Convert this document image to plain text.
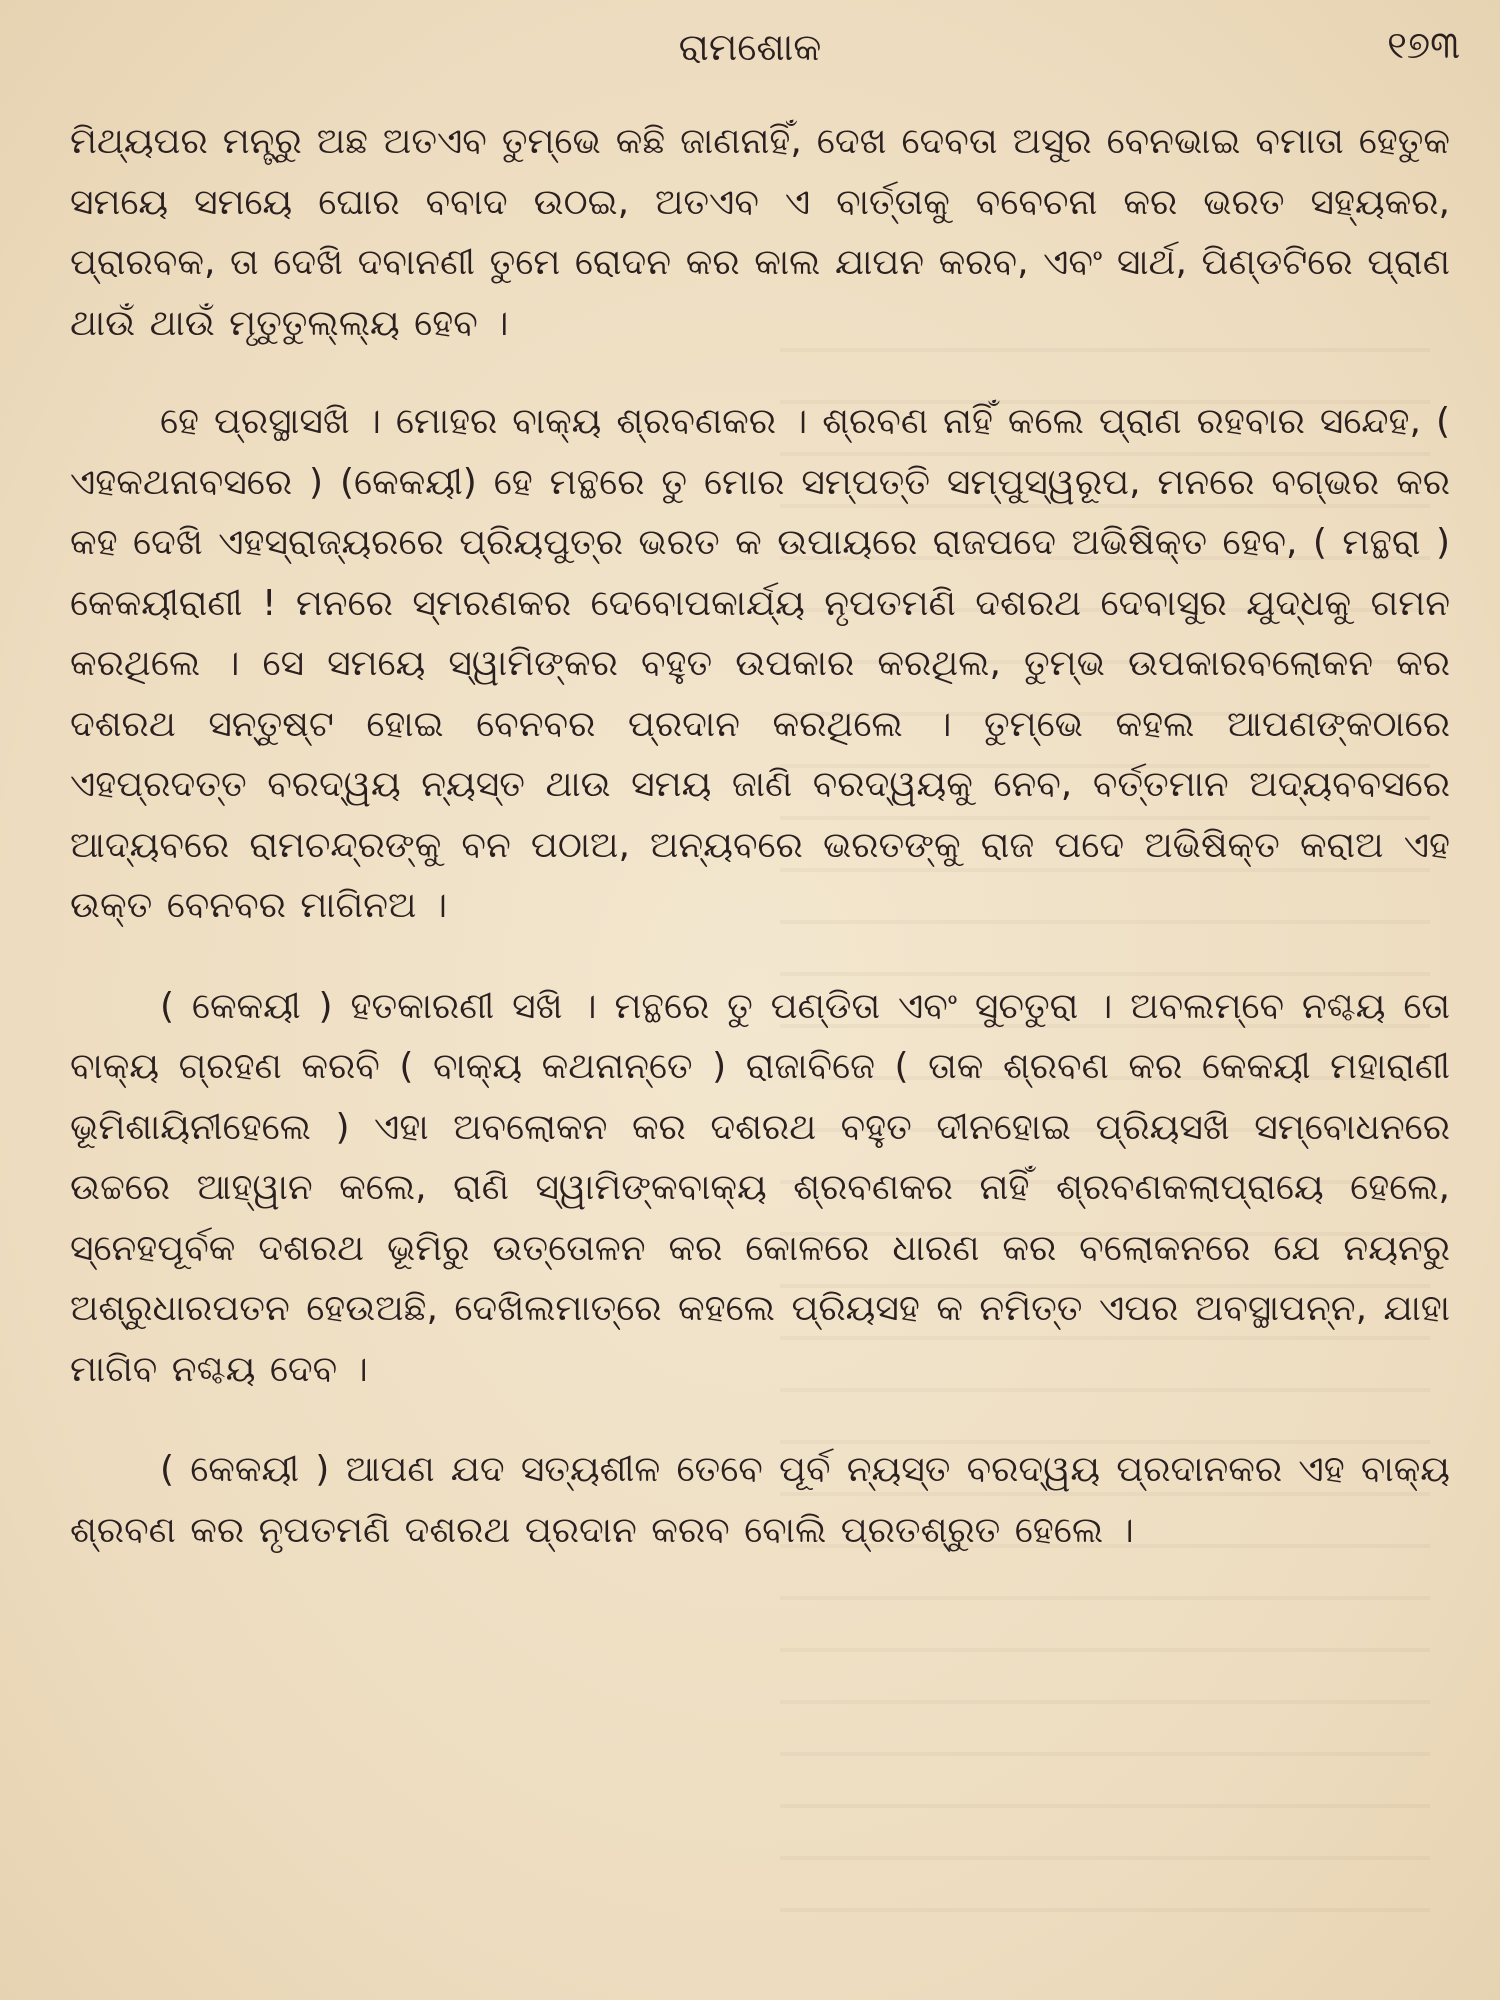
ରାମଶୋକ	୧୭୩

ମିଥ୍ୟପର ମନ୍ତ୍ରୁ ଅଛ ଅତଏବ ତୁମ୍ଭେ କଛି ଜାଣନାହିଁ, ଦେଖ ଦେବତା ଅସୁର ବେନଭାଇ ବମାତା ହେତୁକ ସମୟେ ସମୟେ ଘୋର ବବାଦ ଉଠଇ, ଅତଏବ ଏ ବାର୍ତ୍ତାକୁ ବବେଚନା କର ଭରତ ସହ୍ୟକର, ପ୍ରାରବକ, ତା ଦେଖି ଦବାନଣୀ ତୁମେ ରୋଦନ କର କାଲ ଯାପନ କରବ, ଏବଂ ସାର୍ଥ, ପିଣ୍ଡଟିରେ ପ୍ରାଣ ଥାଉଁ ଥାଉଁ ମୃତୁତୁଲ୍ଲ୍ୟ ହେବ ।

ହେ ପ୍ରସ୍ଥାସଖି । ମୋହର ବାକ୍ୟ ଶ୍ରବଣକର । ଶ୍ରବଣ ନାହିଁ କଲେ ପ୍ରାଣ ରହବାର ସନ୍ଦେହ, ( ଏହକଥନାବସରେ ) (କେକୟୀ) ହେ ମନ୍ଥରେ ତୁ ମୋର ସମ୍ପତ୍ତି ସମ୍ପୁସ୍ୱରୂପ, ମନରେ ବଗ୍ଭର କର କହ ଦେଖି ଏହସ୍ରାଜ୍ୟରରେ ପ୍ରିୟପୁତ୍ର ଭରତ କ ଉପାୟରେ ରାଜପଦେ ଅଭିଷିକ୍ତ ହେବ, ( ମନ୍ଥରା ) କେକୟୀରାଣୀ ! ମନରେ ସ୍ମରଣକର ଦେବୋପକାର୍ଯ୍ୟ ନୃପତମଣି ଦଶରଥ ଦେବାସୁର ଯୁଦ୍ଧକୁ ଗମନ କରଥିଲେ । ସେ ସମୟେ ସ୍ୱାମିଙ୍କର ବହୁତ ଉପକାର କରଥିଲ, ତୁମ୍ଭ ଉପକାରବଲୋକନ କର ଦଶରଥ ସନ୍ତୁଷ୍ଟ ହୋଇ ବେନବର ପ୍ରଦାନ କରଥିଲେ । ତୁମ୍ଭେ କହଲ ଆପଣଙ୍କଠାରେ ଏହପ୍ରଦତ୍ତ ବରଦ୍ୱୟ ନ୍ୟସ୍ତ ଥାଉ ସମୟ ଜାଣି ବରଦ୍ୱୟକୁ ନେବ, ବର୍ତ୍ତମାନ ଅଦ୍ୟବବସରେ ଆଦ୍ୟବରେ ରାମଚନ୍ଦ୍ରଙ୍କୁ ବନ ପଠାଅ, ଅନ୍ୟବରେ ଭରତଙ୍କୁ ରାଜ ପଦେ ଅଭିଷିକ୍ତ କରାଅ ଏହ ଉକ୍ତ ବେନବର ମାଗିନଅ ।

( କେକୟୀ ) ହତକାରଣୀ ସଖି । ମନ୍ଥରେ ତୁ ପଣ୍ଡିତା ଏବଂ ସୁଚତୁରା । ଅବଲମ୍ବେ ନଶ୍ଚୟ ତୋ ବାକ୍ୟ ଗ୍ରହଣ କରବି ( ବାକ୍ୟ କଥନାନ୍ତେ ) ରାଜାବିଜେ ( ତାକ ଶ୍ରବଣ କର କେକୟୀ ମହାରାଣୀ ଭୂମିଶାୟିନୀହେଲେ ) ଏହା ଅବଲୋକନ କର ଦଶରଥ ବହୁତ ଦୀନହୋଇ ପ୍ରିୟସଖି ସମ୍ବୋଧନରେ ଉଚ୍ଚରେ ଆହ୍ୱାନ କଲେ, ରାଣି ସ୍ୱାମିଙ୍କବାକ୍ୟ ଶ୍ରବଣକର ନାହିଁ ଶ୍ରବଣକଲାପ୍ରାୟେ ହେଲେ, ସ୍ନେହପୂର୍ବକ ଦଶରଥ ଭୂମିରୁ ଉତ୍ତୋଳନ କର କୋଳରେ ଧାରଣ କର ବଲୋକନରେ ଯେ ନୟନରୁ ଅଶ୍ରୁଧାରପତନ ହେଉଅଛି, ଦେଖିଲମାତ୍ରେ କହଲେ ପ୍ରିୟସହ କ ନମିତ୍ତ ଏପର ଅବସ୍ଥାପନ୍ନ, ଯାହା ମାଗିବ ନଶ୍ଚୟ ଦେବ ।

( କେକୟୀ ) ଆପଣ ଯଦ ସତ୍ୟଶୀଳ ତେବେ ପୂର୍ବ ନ୍ୟସ୍ତ ବରଦ୍ୱୟ ପ୍ରଦାନକର ଏହ ବାକ୍ୟ ଶ୍ରବଣ କର ନୃପତମଣି ଦଶରଥ ପ୍ରଦାନ କରବ ବୋଲି ପ୍ରତଶ୍ରୁତ ହେଲେ ।
